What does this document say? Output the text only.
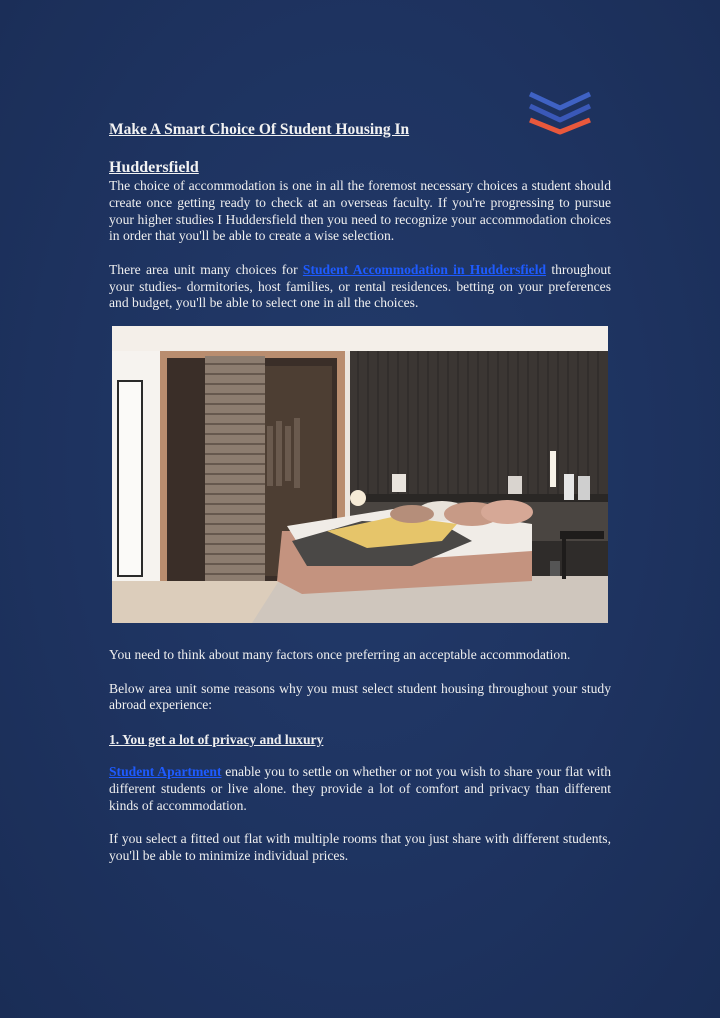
Make A Smart Choice Of Student Housing In
Huddersfield

The choice of accommodation is one in all the foremost necessary choices a student should create once getting ready to check at an overseas faculty. If you're progressing to pursue your higher studies I Huddersfield then you need to recognize your accommodation choices in order that you'll be able to create a wise selection.

There area unit many choices for Student Accommodation in Huddersfield throughout your studies- dormitories, host families, or rental residences. betting on your preferences and budget, you'll be able to select one in all the choices.

You need to think about many factors once preferring an acceptable accommodation.

Below area unit some reasons why you must select student housing throughout your study abroad experience:

1. You get a lot of privacy and luxury

Student Apartment enable you to settle on whether or not you wish to share your flat with different students or live alone. they provide a lot of comfort and privacy than different kinds of accommodation.

If you select a fitted out flat with multiple rooms that you just share with different students, you'll be able to minimize individual prices.
